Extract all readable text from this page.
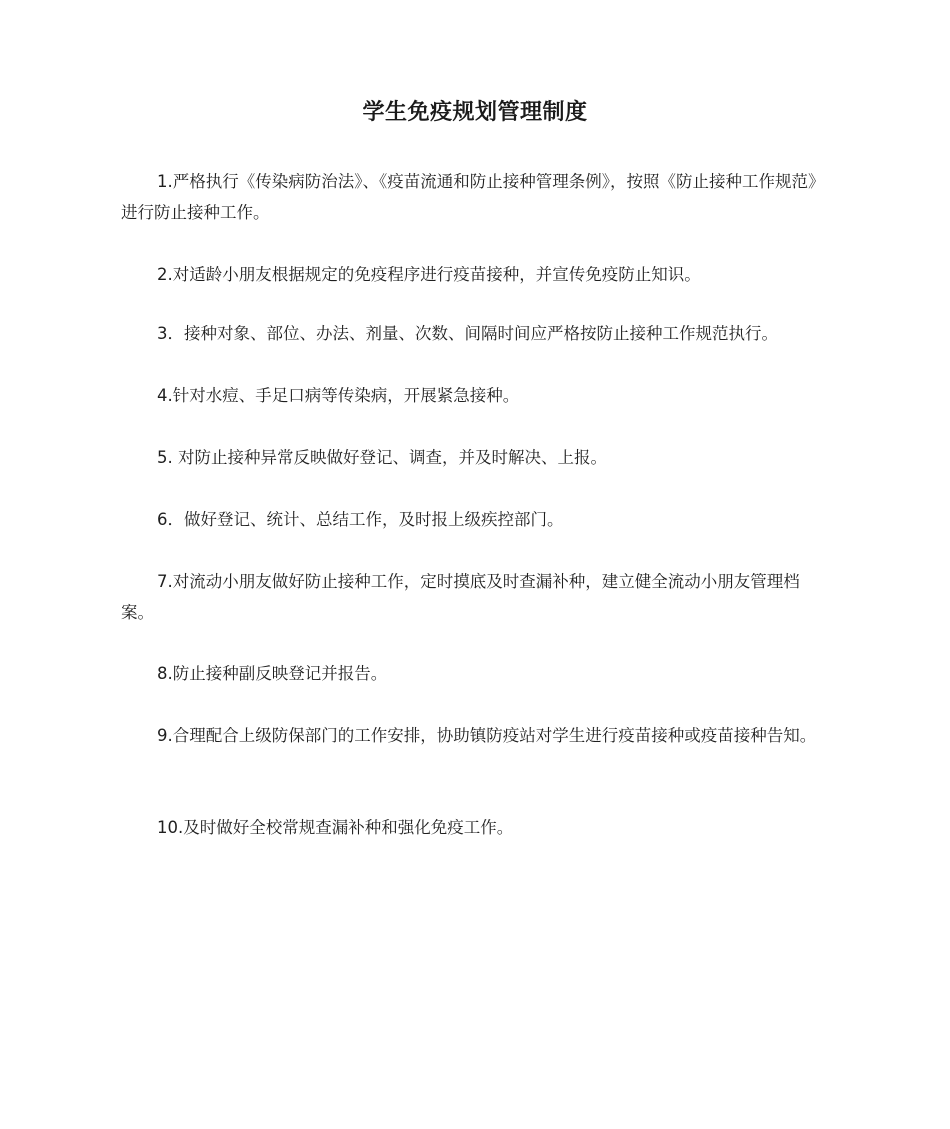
学生免疫规划管理制度

1.严格执行《传染病防治法》、《疫苗流通和防止接种管理条例》，按照《防止接种工作规范》进行防止接种工作。

2.对适龄小朋友根据规定的免疫程序进行疫苗接种，并宣传免疫防止知识。

3．接种对象、部位、办法、剂量、次数、间隔时间应严格按防止接种工作规范执行。

4.针对水痘、手足口病等传染病，开展紧急接种。

5. 对防止接种异常反映做好登记、调查，并及时解决、上报。

6．做好登记、统计、总结工作，及时报上级疾控部门。

7.对流动小朋友做好防止接种工作，定时摸底及时查漏补种，建立健全流动小朋友管理档案。

8.防止接种副反映登记并报告。

9.合理配合上级防保部门的工作安排，协助镇防疫站对学生进行疫苗接种或疫苗接种告知。

10.及时做好全校常规查漏补种和强化免疫工作。
